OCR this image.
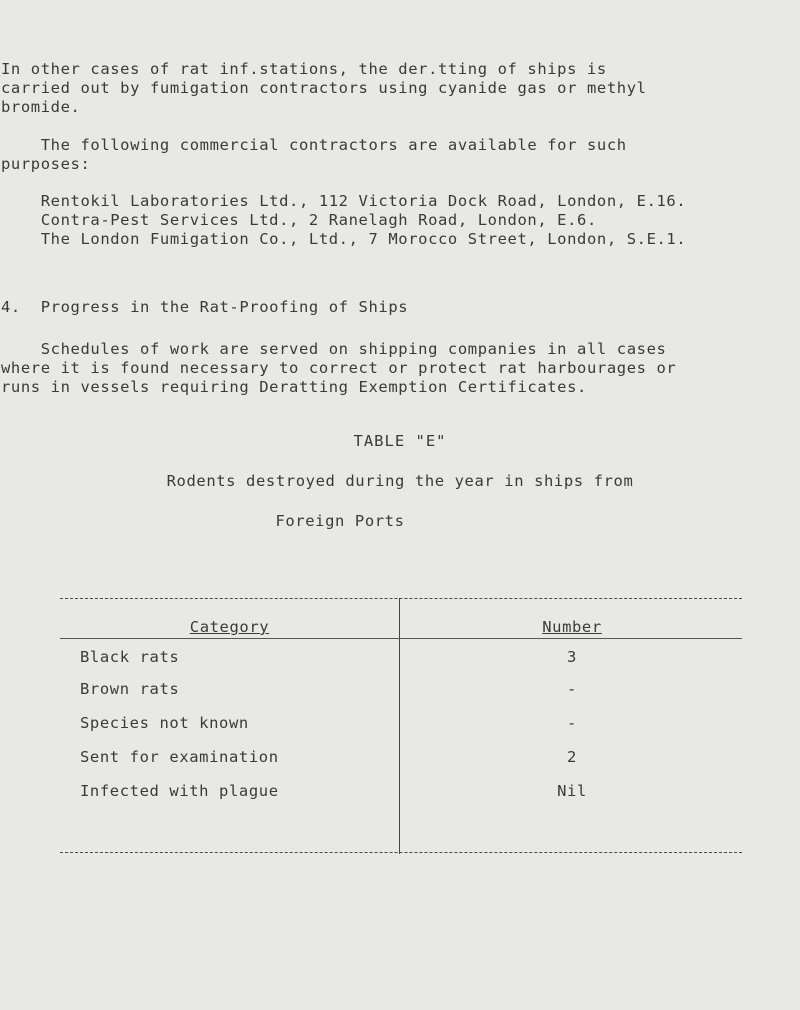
In other cases of rat inf.stations, the der.tting of ships is
carried out by fumigation contractors using cyanide gas or methyl
bromide.

The following commercial contractors are available for such
purposes:

Rentokil Laboratories Ltd., 112 Victoria Dock Road, London, E.16.
Contra-Pest Services Ltd., 2 Ranelagh Road, London, E.6.
The London Fumigation Co., Ltd., 7 Morocco Street, London, S.E.1.

4.  Progress in the Rat-Proofing of Ships

Schedules of work are served on shipping companies in all cases
where it is found necessary to correct or protect rat harbourages or
runs in vessels requiring Deratting Exemption Certificates.

TABLE "E"
Rodents destroyed during the year in ships from
Foreign Ports
Category	Number
Black rats	3
Brown rats	-
Species not known	-
Sent for examination	2
Infected with plague	Nil
